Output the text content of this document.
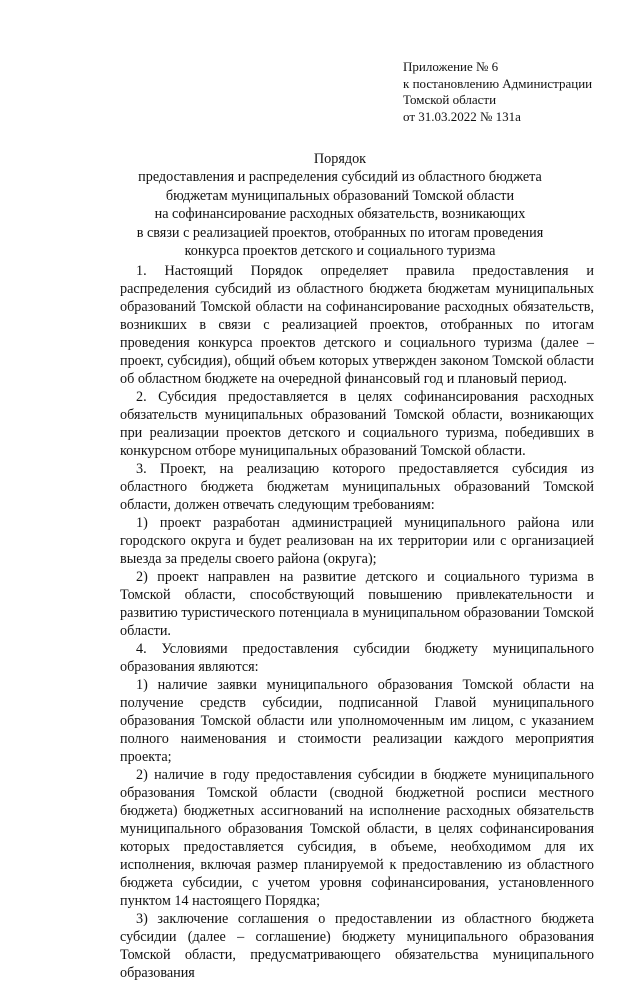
Приложение № 6
к постановлению Администрации
Томской области
от 31.03.2022 № 131а
Порядок
предоставления и распределения субсидий из областного бюджета
бюджетам муниципальных образований Томской области
на софинансирование расходных обязательств, возникающих
в связи с реализацией проектов, отобранных по итогам проведения
конкурса проектов детского и социального туризма

1. Настоящий Порядок определяет правила предоставления и распределения субсидий из областного бюджета бюджетам муниципальных образований Томской области на софинансирование расходных обязательств, возникших в связи с реализацией проектов, отобранных по итогам проведения конкурса проектов детского и социального туризма (далее – проект, субсидия), общий объем которых утвержден законом Томской области об областном бюджете на очередной финансовый год и плановый период.

2. Субсидия предоставляется в целях софинансирования расходных обязательств муниципальных образований Томской области, возникающих при реализации проектов детского и социального туризма, победивших в конкурсном отборе муниципальных образований Томской области.

3. Проект, на реализацию которого предоставляется субсидия из областного бюджета бюджетам муниципальных образований Томской области, должен отвечать следующим требованиям:

1) проект разработан администрацией муниципального района или городского округа и будет реализован на их территории или с организацией выезда за пределы своего района (округа);

2) проект направлен на развитие детского и социального туризма в Томской области, способствующий повышению привлекательности и развитию туристического потенциала в муниципальном образовании Томской области.

4. Условиями предоставления субсидии бюджету муниципального образования являются:

1) наличие заявки муниципального образования Томской области на получение средств субсидии, подписанной Главой муниципального образования Томской области или уполномоченным им лицом, с указанием полного наименования и стоимости реализации каждого мероприятия проекта;

2) наличие в году предоставления субсидии в бюджете муниципального образования Томской области (сводной бюджетной росписи местного бюджета) бюджетных ассигнований на исполнение расходных обязательств муниципального образования Томской области, в целях софинансирования которых предоставляется субсидия, в объеме, необходимом для их исполнения, включая размер планируемой к предоставлению из областного бюджета субсидии, с учетом уровня софинансирования, установленного пунктом 14 настоящего Порядка;

3) заключение соглашения о предоставлении из областного бюджета субсидии (далее – соглашение) бюджету муниципального образования Томской области, предусматривающего обязательства муниципального образования
